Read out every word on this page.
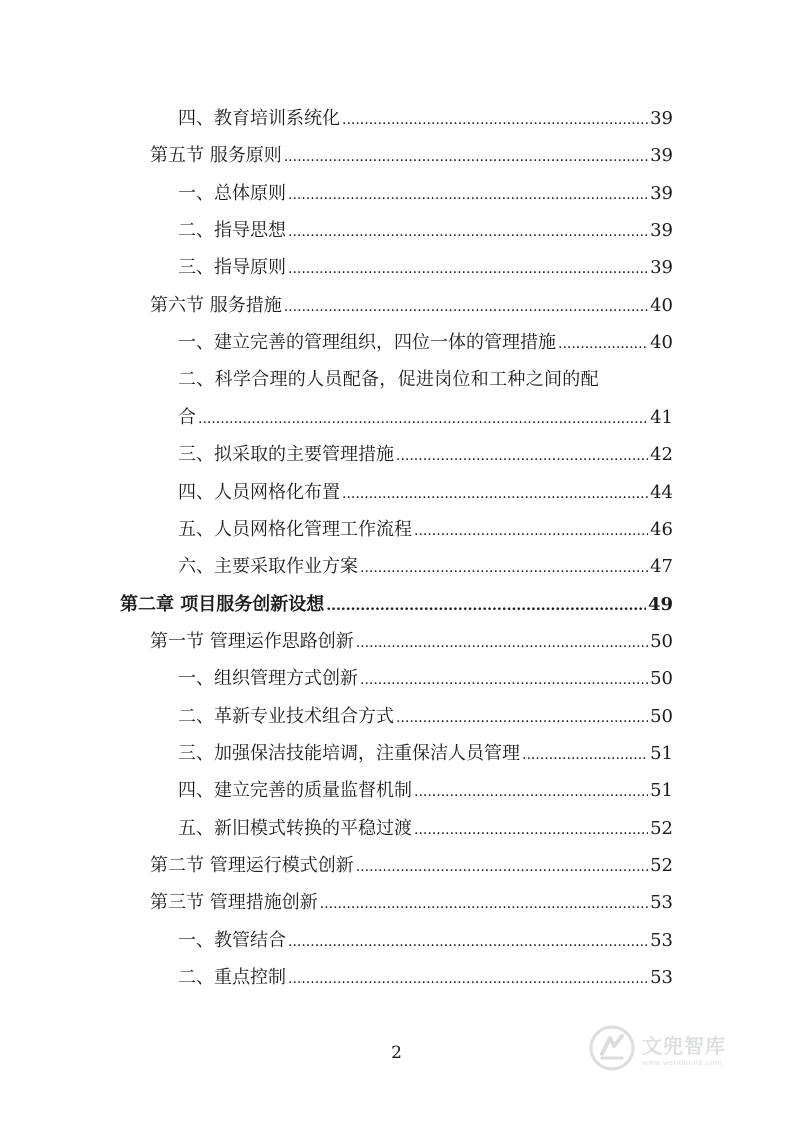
四、教育培训系统化 .....	39
第五节 服务原则 .....	39
一、总体原则 .....	39
二、指导思想 .....	39
三、指导原则 .....	39
第六节 服务措施 .....	40
一、建立完善的管理组织，四位一体的管理措施 .....	40
二、科学合理的人员配备，促进岗位和工种之间的配
合 .....	41
三、拟采取的主要管理措施 .....	42
四、人员网格化布置 .....	44
五、人员网格化管理工作流程 .....	46
六、主要采取作业方案 .....	47
第二章 项目服务创新设想 .....	49
第一节 管理运作思路创新 .....	50
一、组织管理方式创新 .....	50
二、革新专业技术组合方式 .....	50
三、加强保洁技能培调，注重保洁人员管理 .....	51
四、建立完善的质量监督机制 .....	51
五、新旧模式转换的平稳过渡 .....	52
第二节 管理运行模式创新 .....	52
第三节 管理措施创新 .....	53
一、教管结合 .....	53
二、重点控制 .....	53
2	文兜智库
www.wendoulib.com
